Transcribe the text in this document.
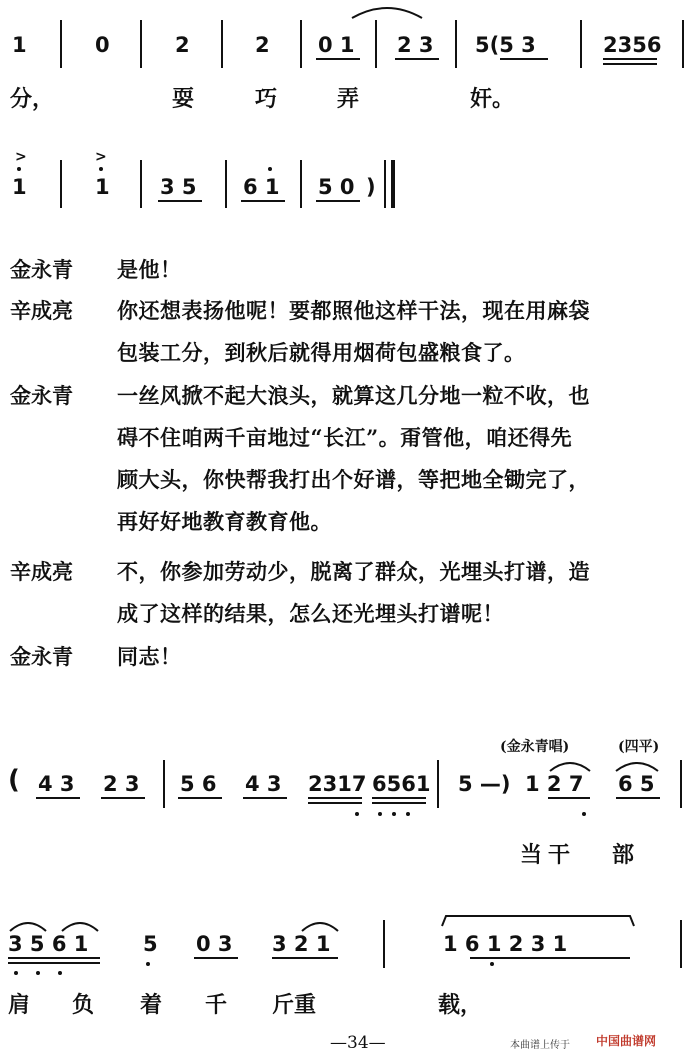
1	0	2	2 0 1 2 3 5(5 3	2356
分，	耍	巧	弄	奸。
>
1
>
1 3 5 6 1 5 0 )
金永青 是他！
辛成亮 你还想表扬他呢！要都照他这样干法，现在用麻袋
包装工分，到秋后就得用烟荷包盛粮食了。
金永青 一丝风掀不起大浪头，就算这几分地一粒不收，也
碍不住咱两千亩地过“长江”。甭管他，咱还得先
顾大头，你快帮我打出个好谱，等把地全锄完了，
再好好地教育教育他。
辛成亮 不，你参加劳动少，脱离了群众，光埋头打谱，造
成了这样的结果，怎么还光埋头打谱呢！
金永青 同志！
(金永青唱)	(四平)
( 4 3 2 3 5 6 4 3 2317 6561 5 —) 1 2 7 6 5
当 干 部
3 5 6 1	5 0 3 3 2 1	1 6 1 2 3 1
肩 负 着 千 斤重	载，
—34—	本曲谱上传于 中国曲谱网
